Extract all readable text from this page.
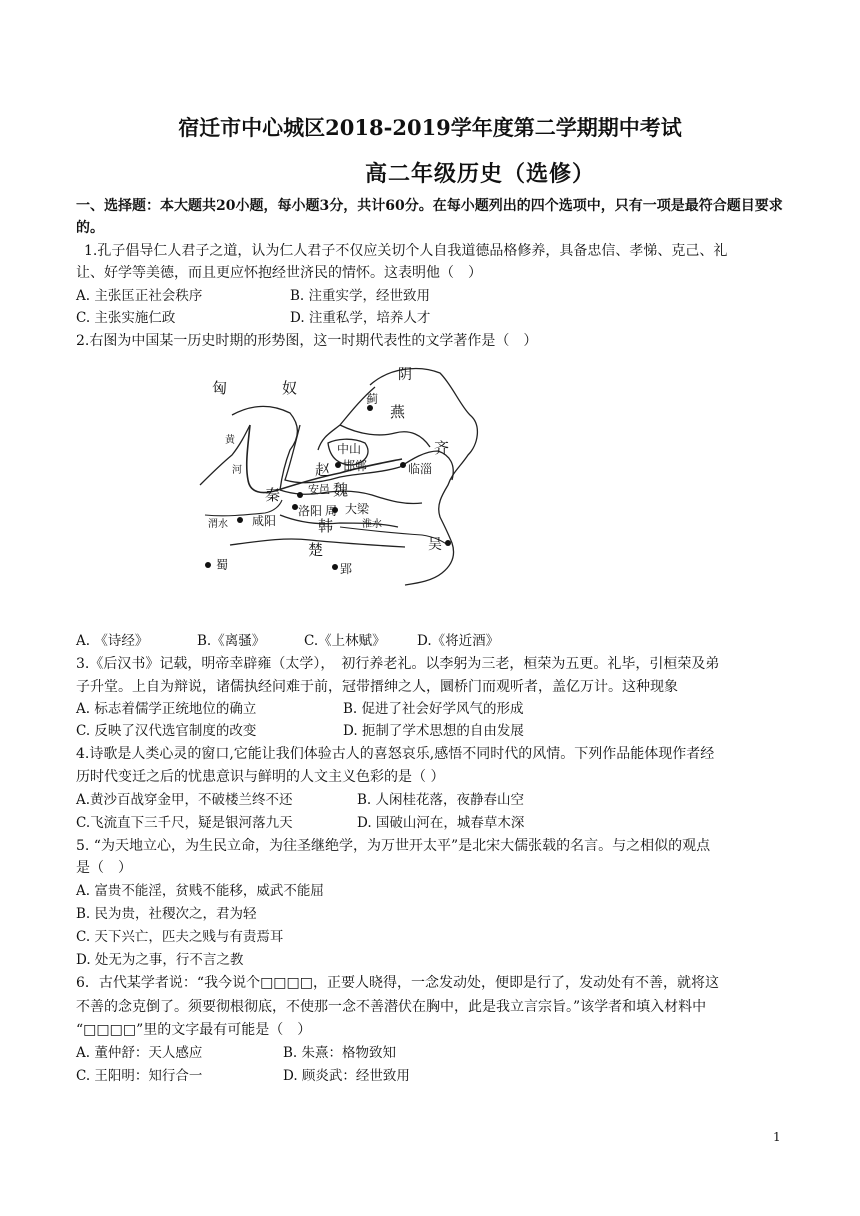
宿迁市中心城区2018-2019学年度第二学期期中考试
高二年级历史（选修）
一、选择题：本大题共20小题，每小题3分，共计60分。在每小题列出的四个选项中，只有一项是最符合题目要求的。
1.孔子倡导仁人君子之道，认为仁人君子不仅应关切个人自我道德品格修养，具备忠信、孝悌、克己、礼
让、好学等美德，而且更应怀抱经世济民的情怀。这表明他（　）
A. 主张匡正社会秩序	B. 注重实学，经世致用
C. 主张实施仁政	D. 注重私学，培养人才
2.右图为中国某一历史时期的形势图，这一时期代表性的文学著作是（　）
匈	奴
阴
蓟
燕
中山
赵 邯郸	临淄
齐
黄
河
安邑 魏
秦
渭水 咸阳
洛阳 周 大梁
韩	淮水
吴
楚
蜀	郢
A. 《诗经》	B.《离骚》	C.《上林赋》 D.《将近酒》
3.《后汉书》记载，明帝幸辟雍（太学），　初行养老礼。以李躬为三老，桓荣为五更。礼毕，引桓荣及弟
子升堂。上自为辩说，诸儒执经问难于前，冠带搢绅之人，圜桥门而观听者，盖亿万计。这种现象
A. 标志着儒学正统地位的确立	B. 促进了社会好学风气的形成
C. 反映了汉代选官制度的改变	D. 扼制了学术思想的自由发展
4.诗歌是人类心灵的窗口,它能让我们体验古人的喜怒哀乐,感悟不同时代的风情。下列作品能体现作者经
历时代变迁之后的忧患意识与鲜明的人文主义色彩的是（ ）
A.黄沙百战穿金甲，不破楼兰终不还	B. 人闲桂花落，夜静春山空
C.飞流直下三千尺，疑是银河落九天	D. 国破山河在，城春草木深
5. “为天地立心，为生民立命，为往圣继绝学，为万世开太平”是北宋大儒张载的名言。与之相似的观点
是（　）
A. 富贵不能淫，贫贱不能移，威武不能屈
B. 民为贵，社稷次之，君为轻
C. 天下兴亡，匹夫之贱与有责焉耳
D. 处无为之事，行不言之教
6．古代某学者说：“我今说个□□□□，正要人晓得，一念发动处，便即是行了，发动处有不善，就将这
不善的念克倒了。须要彻根彻底，不使那一念不善潜伏在胸中，此是我立言宗旨。”该学者和填入材料中
“□□□□”里的文字最有可能是（　）
A. 董仲舒：天人感应	B. 朱熹：格物致知
C. 王阳明：知行合一	D. 顾炎武：经世致用
1
